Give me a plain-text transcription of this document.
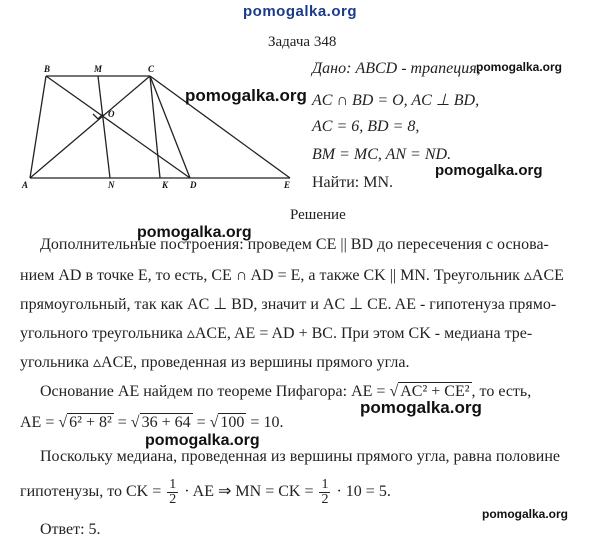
pomogalka.org
Задача 348
B	M	C
O
A	N	K D	E
Дано: ABCD - трапеция,
AC ∩ BD = O, AC ⊥ BD,
AC = 6, BD = 8,
BM = MC, AN = ND.
Найти: MN.
Решение
Дополнительные построения: проведем CE || BD до пересечения с основа-
нием AD в точке E, то есть, CE ∩ AD = E, а также CK || MN. Треугольник ▵ACE
прямоугольный, так как AC ⊥ BD, значит и AC ⊥ CE. AE - гипотенуза прямо-
угольного треугольника ▵ACE, AE = AD + BC. При этом CK - медиана тре-
угольника ▵ACE, проведенная из вершины прямого угла.
Основание AE найдем по теореме Пифагора: AE = √ AC² + CE² , то есть,
AE = √ 6² + 8² = √ 36 + 64 = √ 100 = 10.
Поскольку медиана, проведенная из вершины прямого угла, равна половине
гипотенузы, то CK = $\frac{1}{2}$ · AE ⇒ MN = CK = $\frac{1}{2} \cdot 10 = 5$.
Ответ: 5.
pomogalka.org
pomogalka.org
pomogalka.org
pomogalka.org
pomogalka.org
pomogalka.org
pomogalka.org
